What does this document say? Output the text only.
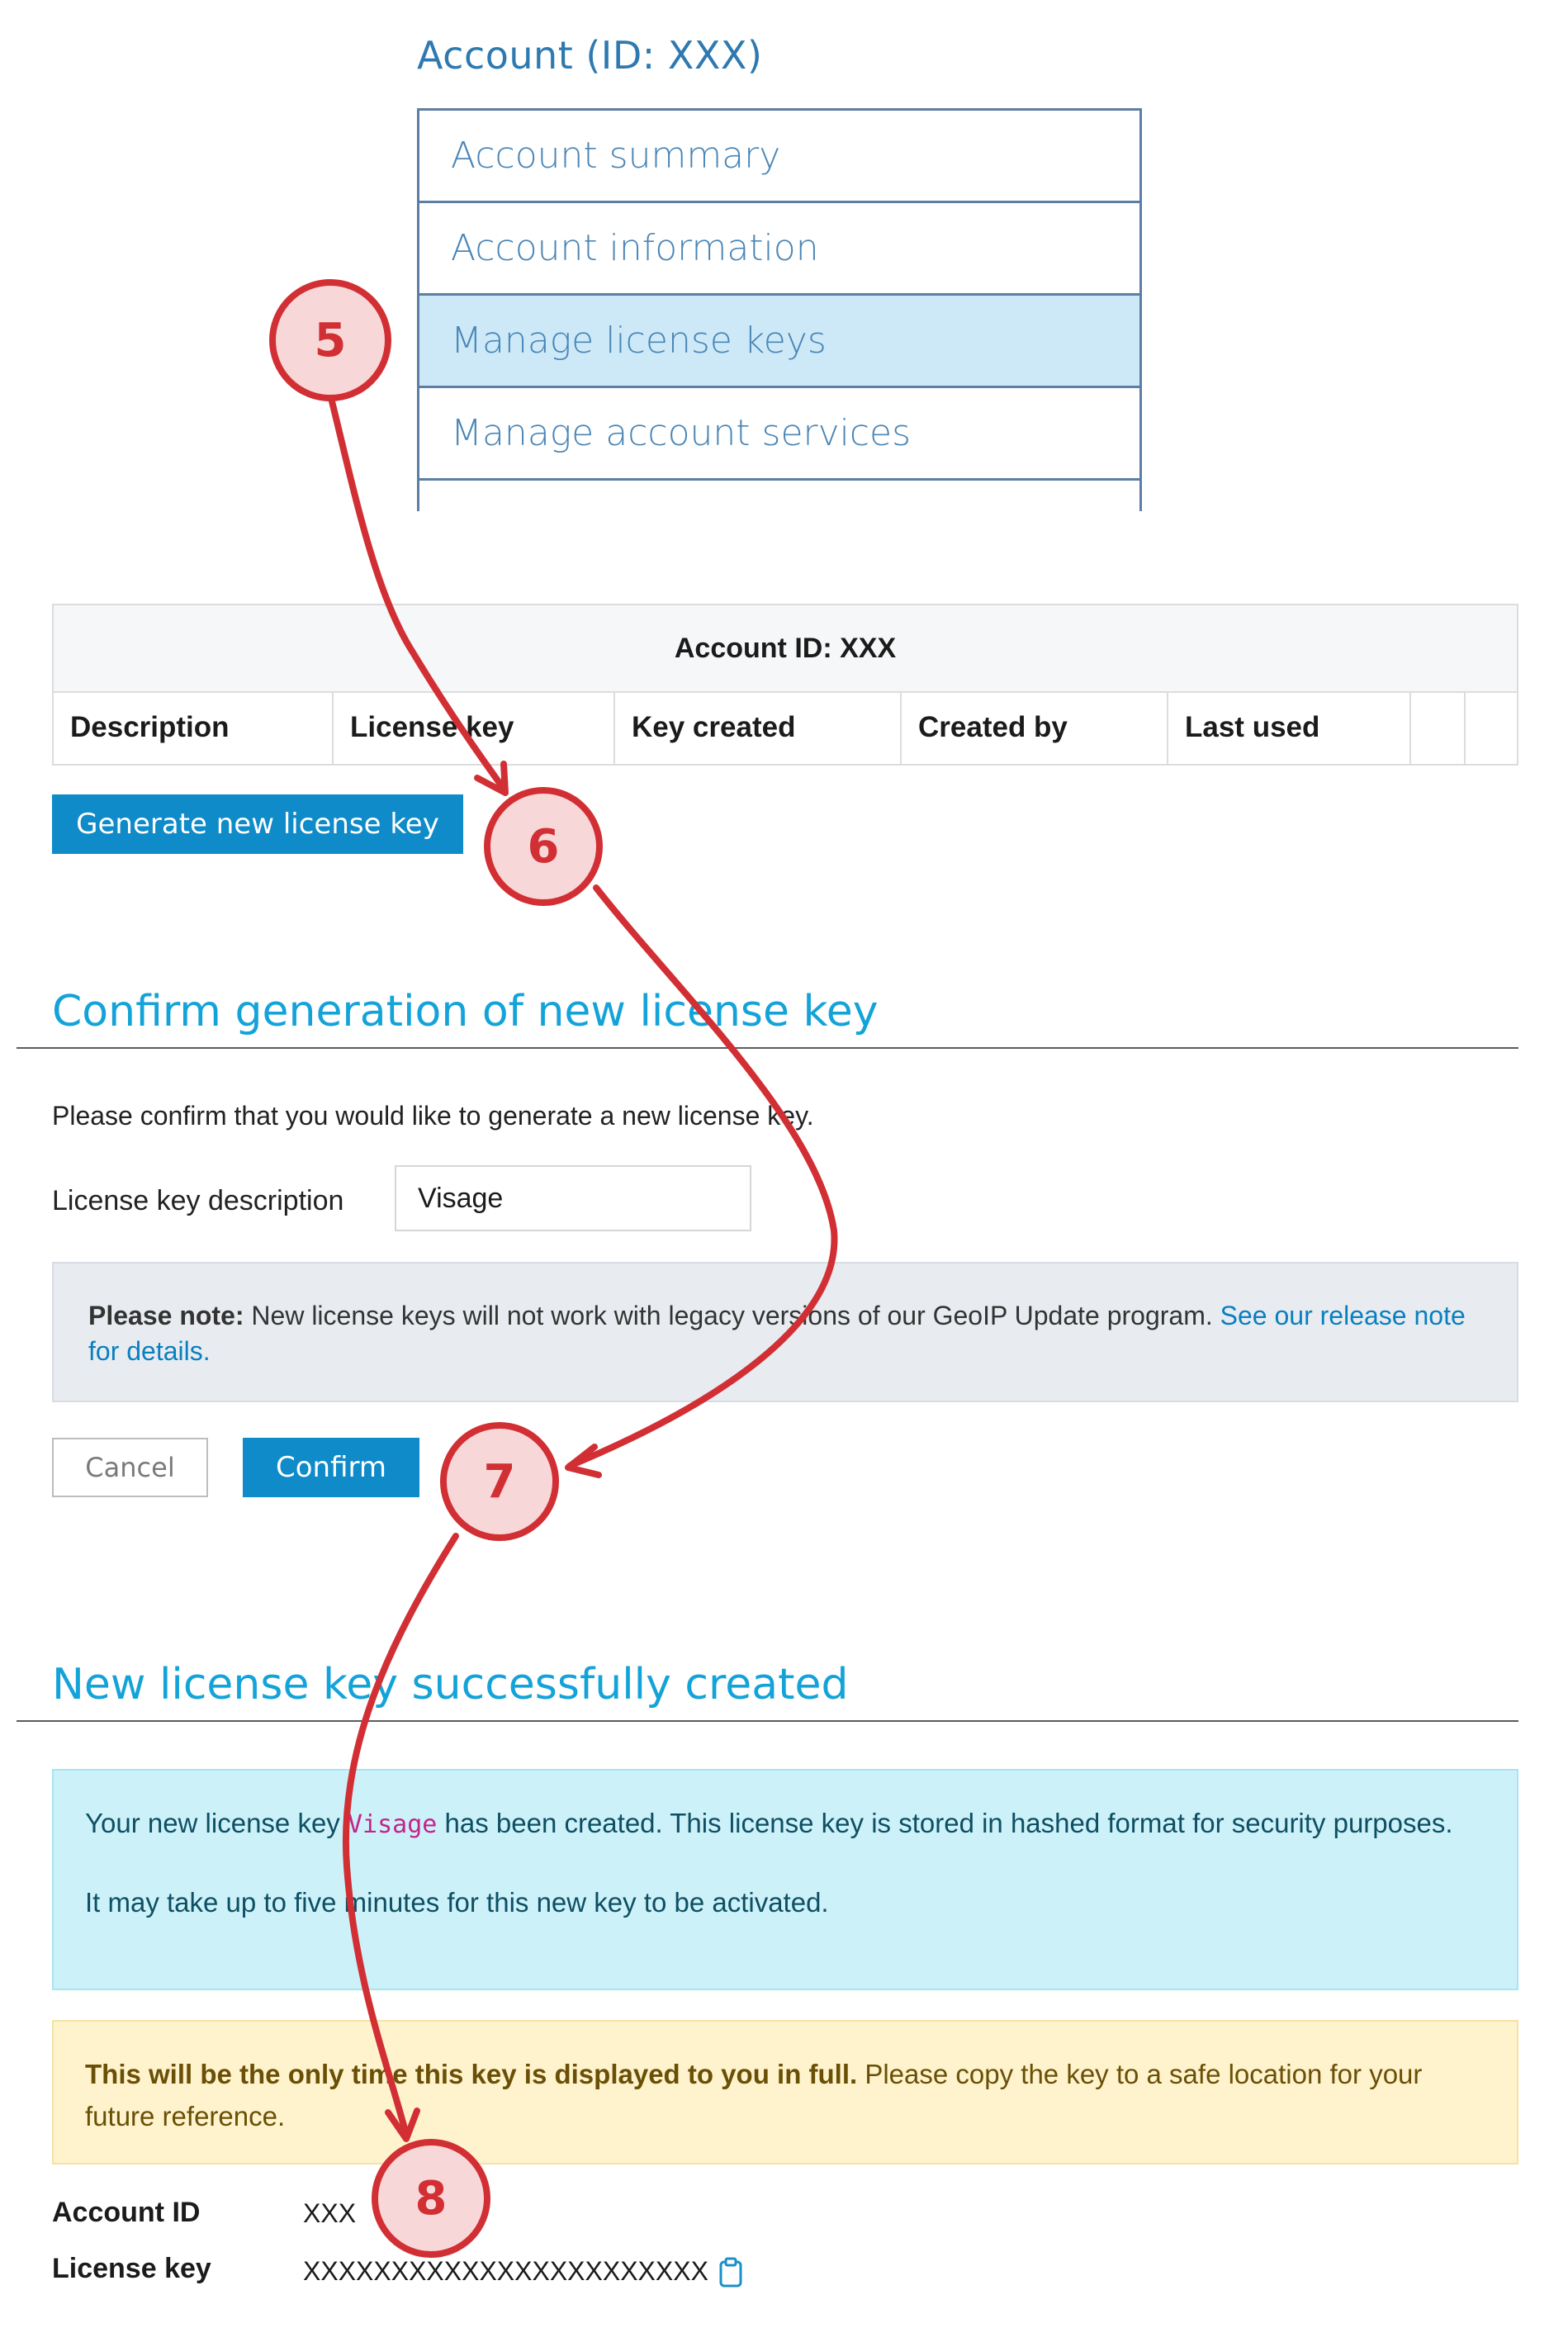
Account (ID: XXX)
Account summary
Account information
Manage license keys
Manage account services
Account ID: XXX
Description	License key	Key created	Created by	Last used
Generate new license key
Confirm generation of new license key
Please confirm that you would like to generate a new license key.
License key description	Visage
Please note: New license keys will not work with legacy versions of our GeoIP Update program. See our release note for details.
Cancel	Confirm
New license key successfully created
Your new license key Visage has been created. This license key is stored in hashed format for security purposes.
It may take up to five minutes for this new key to be activated.
This will be the only time this key is displayed to you in full. Please copy the key to a safe location for your future reference.
Account ID	XXX
License key	XXXXXXXXXXXXXXXXXXXXXXX
5
6
7
8
